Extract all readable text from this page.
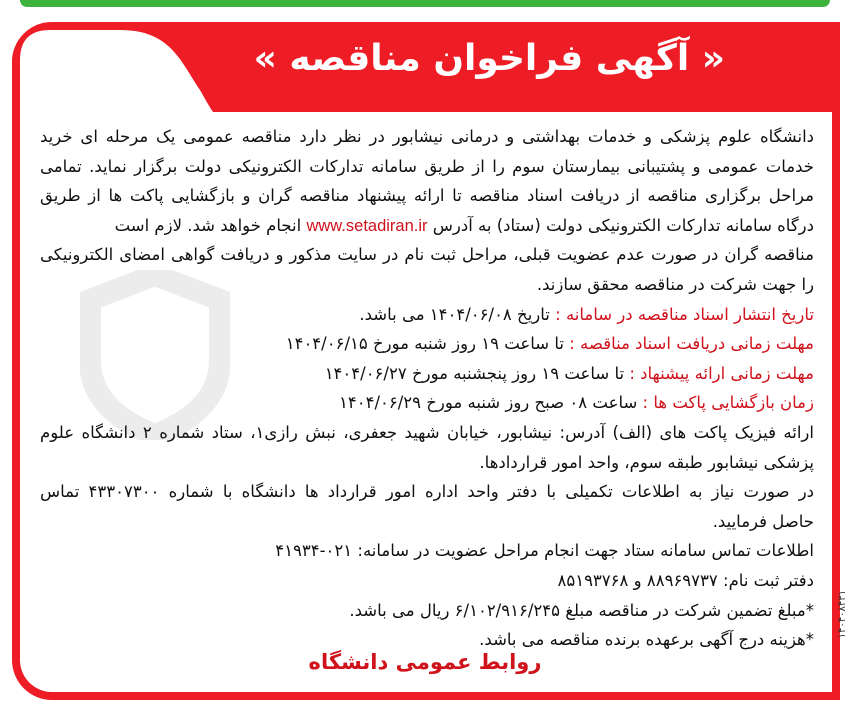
« آگهی فراخوان مناقصه »
دانشگاه علوم پزشکی و خدمات بهداشتی و درمانی نیشابور در نظر دارد مناقصه عمومی یک مرحله ای خرید
خدمات عمومی و پشتیبانی بیمارستان سوم را از طریق سامانه تدارکات الکترونیکی دولت برگزار نماید. تمامی
مراحل برگزاری مناقصه از دریافت اسناد مناقصه تا ارائه پیشنهاد مناقصه گران و بازگشایی پاکت ها از طریق
درگاه سامانه تدارکات الکترونیکی دولت (ستاد) به آدرس www.setadiran.ir انجام خواهد شد. لازم است
مناقصه گران در صورت عدم عضویت قبلی، مراحل ثبت نام در سایت مذکور و دریافت گواهی امضای الکترونیکی
را جهت شرکت در مناقصه محقق سازند.
تاریخ انتشار اسناد مناقصه در سامانه : تاریخ ۱۴۰۴/۰۶/۰۸ می باشد.
مهلت زمانی دریافت اسناد مناقصه : تا ساعت ۱۹ روز شنبه مورخ ۱۴۰۴/۰۶/۱۵
مهلت زمانی ارائه پیشنهاد : تا ساعت ۱۹ روز پنجشنبه مورخ ۱۴۰۴/۰۶/۲۷
زمان بازگشایی پاکت ها : ساعت ۰۸ صبح روز شنبه مورخ ۱۴۰۴/۰۶/۲۹
ارائه فیزیک پاکت های (الف) آدرس: نیشابور، خیابان شهید جعفری، نبش رازی۱، ستاد شماره ۲ دانشگاه علوم
پزشکی نیشابور طبقه سوم، واحد امور قراردادها.
در صورت نیاز به اطلاعات تکمیلی با دفتر واحد اداره امور قرارداد ها دانشگاه با شماره ۴۳۳۰۷۳۰۰ تماس
حاصل فرمایید.
اطلاعات تماس سامانه ستاد جهت انجام مراحل عضویت در سامانه: ۰۲۱-۴۱۹۳۴
دفتر ثبت نام: ۸۸۹۶۹۷۳۷ و ۸۵۱۹۳۷۶۸
*مبلغ تضمین شرکت در مناقصه مبلغ ۶/۱۰۲/۹۱۶/۲۴۵ ریال می باشد.
*هزینه درج آگهی برعهده برنده مناقصه می باشد.
روابط عمومی دانشگاه
۱۴۰۴۰۸۴۳۱
